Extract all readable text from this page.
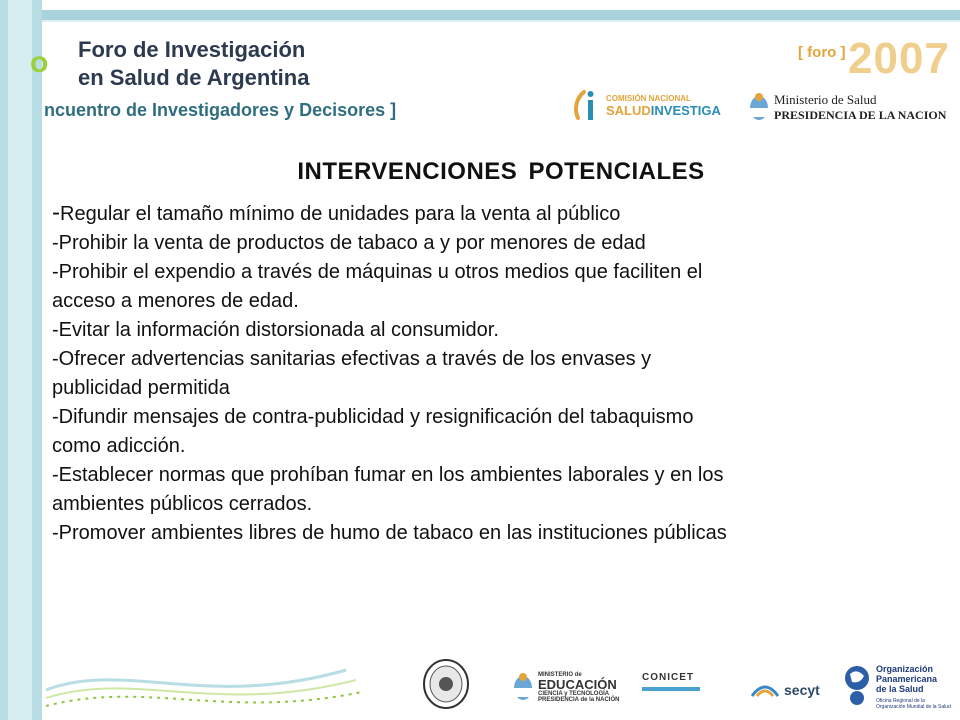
o Foro de Investigación
en Salud de Argentina
ncuentro de Investigadores y Decisores ]
[ foro ] 2007
COMISIÓN NACIONAL
SALUDINVESTIGA
Ministerio de Salud
PRESIDENCIA DE LA NACION
INTERVENCIONES POTENCIALES
-Regular el tamaño mínimo de unidades para la venta al público
-Prohibir la venta de productos de tabaco a y por menores de edad
-Prohibir el expendio a través de máquinas u otros medios que faciliten el
acceso a menores de edad.
-Evitar la información distorsionada al consumidor.
-Ofrecer advertencias sanitarias efectivas a través de los envases y
publicidad permitida
-Difundir mensajes de contra-publicidad y resignificación del tabaquismo
como adicción.
-Establecer normas que prohíban fumar en los ambientes laborales y en los
ambientes públicos cerrados.
-Promover ambientes libres de humo de tabaco en las instituciones públicas
MINISTERIO de
EDUCACIÓN
CIENCIA y TECNOLOGÍA
PRESIDENCIA de la NACIÓN
CONICET
secyt
Organización
Panamericana
de la Salud
Oficina Regional de la
Organización Mundial de la Salud
